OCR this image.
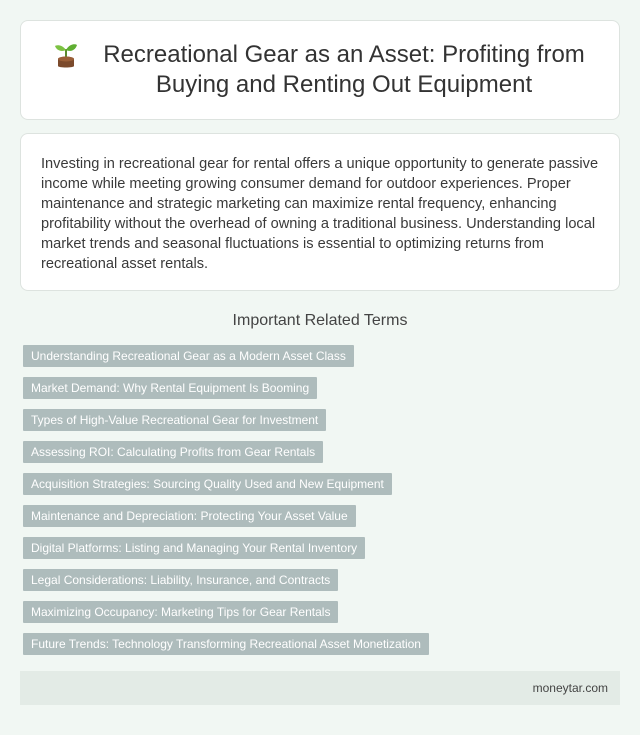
Recreational Gear as an Asset: Profiting from Buying and Renting Out Equipment

Investing in recreational gear for rental offers a unique opportunity to generate passive income while meeting growing consumer demand for outdoor experiences. Proper maintenance and strategic marketing can maximize rental frequency, enhancing profitability without the overhead of owning a traditional business. Understanding local market trends and seasonal fluctuations is essential to optimizing returns from recreational asset rentals.

Important Related Terms
Understanding Recreational Gear as a Modern Asset Class
Market Demand: Why Rental Equipment Is Booming
Types of High-Value Recreational Gear for Investment
Assessing ROI: Calculating Profits from Gear Rentals
Acquisition Strategies: Sourcing Quality Used and New Equipment
Maintenance and Depreciation: Protecting Your Asset Value
Digital Platforms: Listing and Managing Your Rental Inventory
Legal Considerations: Liability, Insurance, and Contracts
Maximizing Occupancy: Marketing Tips for Gear Rentals
Future Trends: Technology Transforming Recreational Asset Monetization
moneytar.com
